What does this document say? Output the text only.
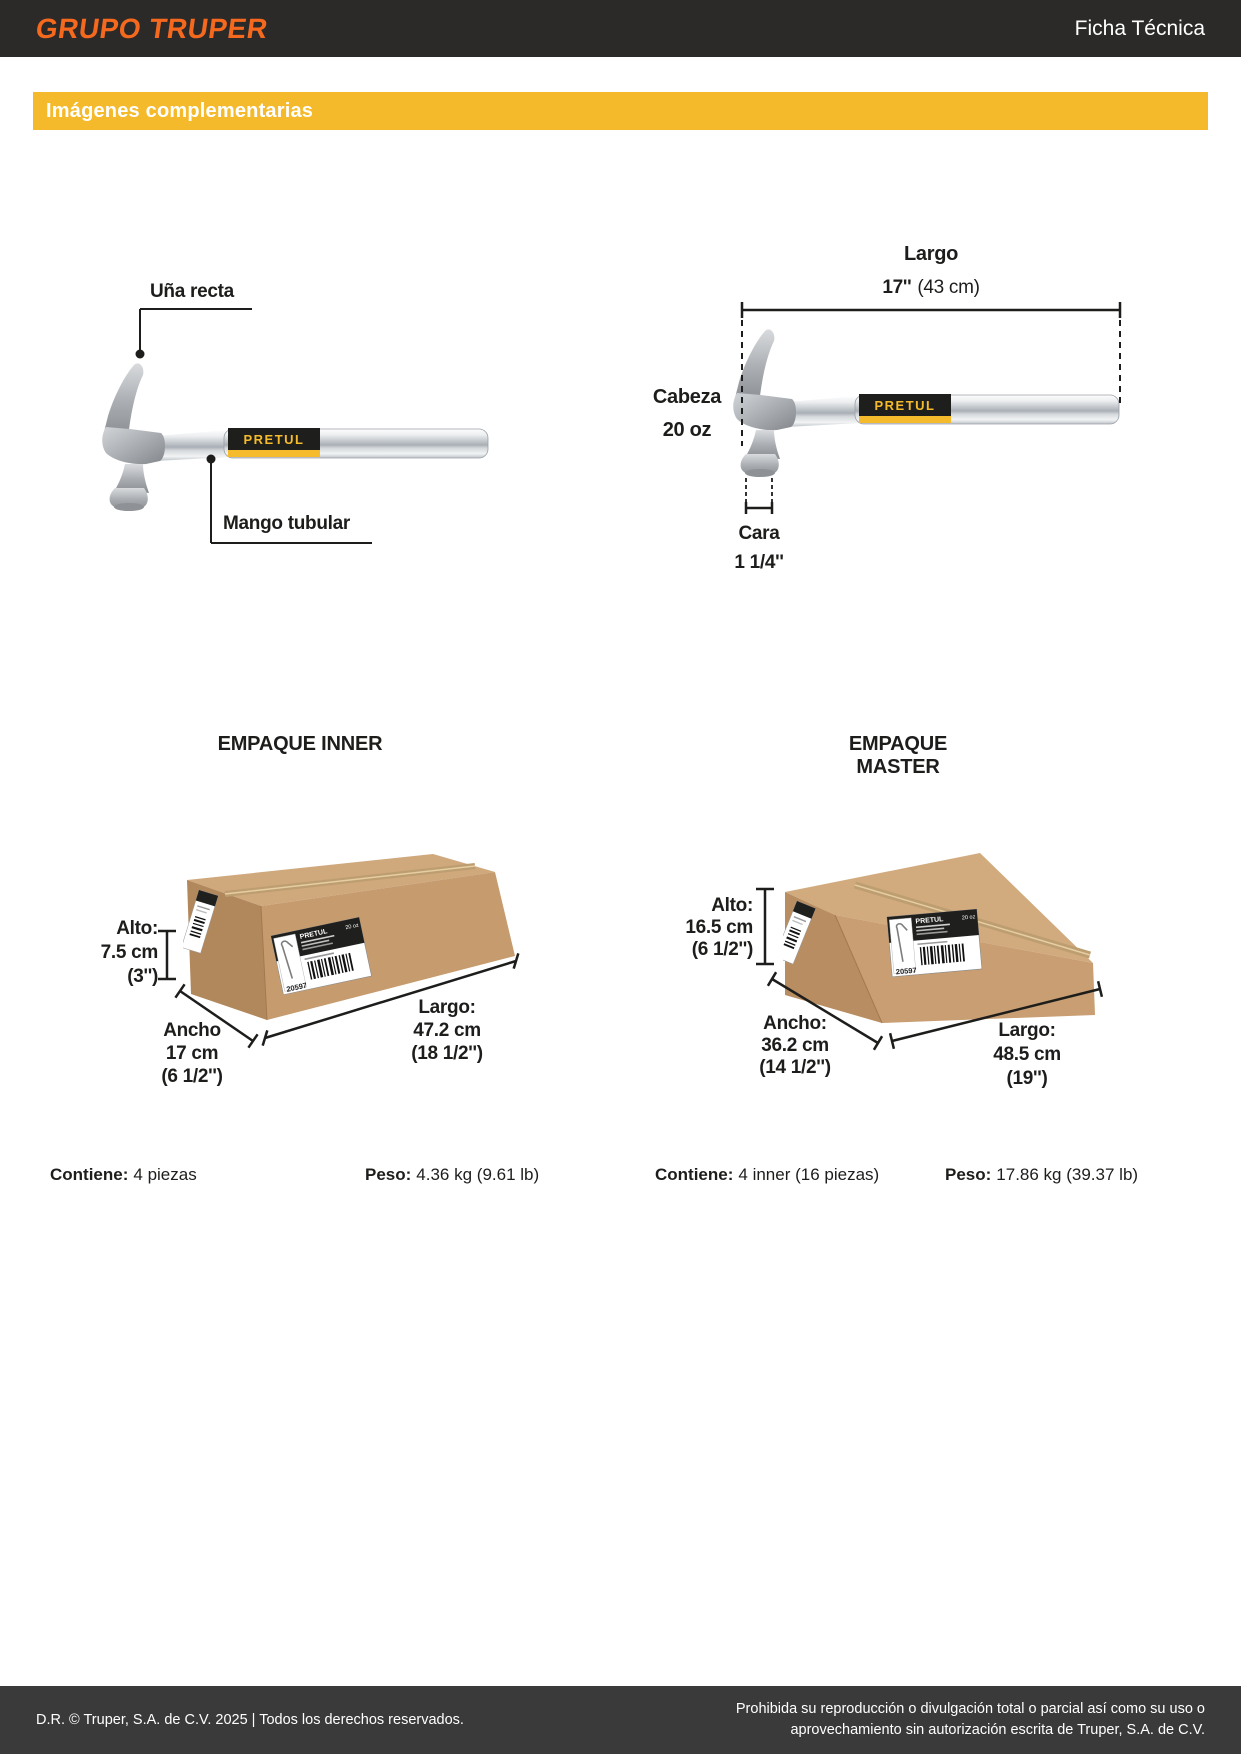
GRUPO TRUPER	Ficha Técnica
Imágenes complementarias
PRETUL
20 oz
20597
PRETUL	20 oz
20597
Uña recta
Mango tubular
Largo
17'' (43 cm)
Cabeza
20 oz
Cara
1 1/4''
EMPAQUE INNER	EMPAQUE MASTER
Alto:
7.5 cm
(3'')
Ancho
17 cm
(6 1/2'')
Largo:
47.2 cm
(18 1/2'')
Alto:
16.5 cm
(6 1/2'')
Ancho:
36.2 cm
(14 1/2'')
Largo:
48.5 cm
(19'')
Contiene: 4 piezas	Peso: 4.36 kg (9.61 lb)	Contiene: 4 inner (16 piezas)	Peso: 17.86 kg (39.37 lb)
D.R. © Truper, S.A. de C.V. 2025 | Todos los derechos reservados.
Prohibida su reproducción o divulgación total o parcial así como su uso o
aprovechamiento sin autorización escrita de Truper, S.A. de C.V.
